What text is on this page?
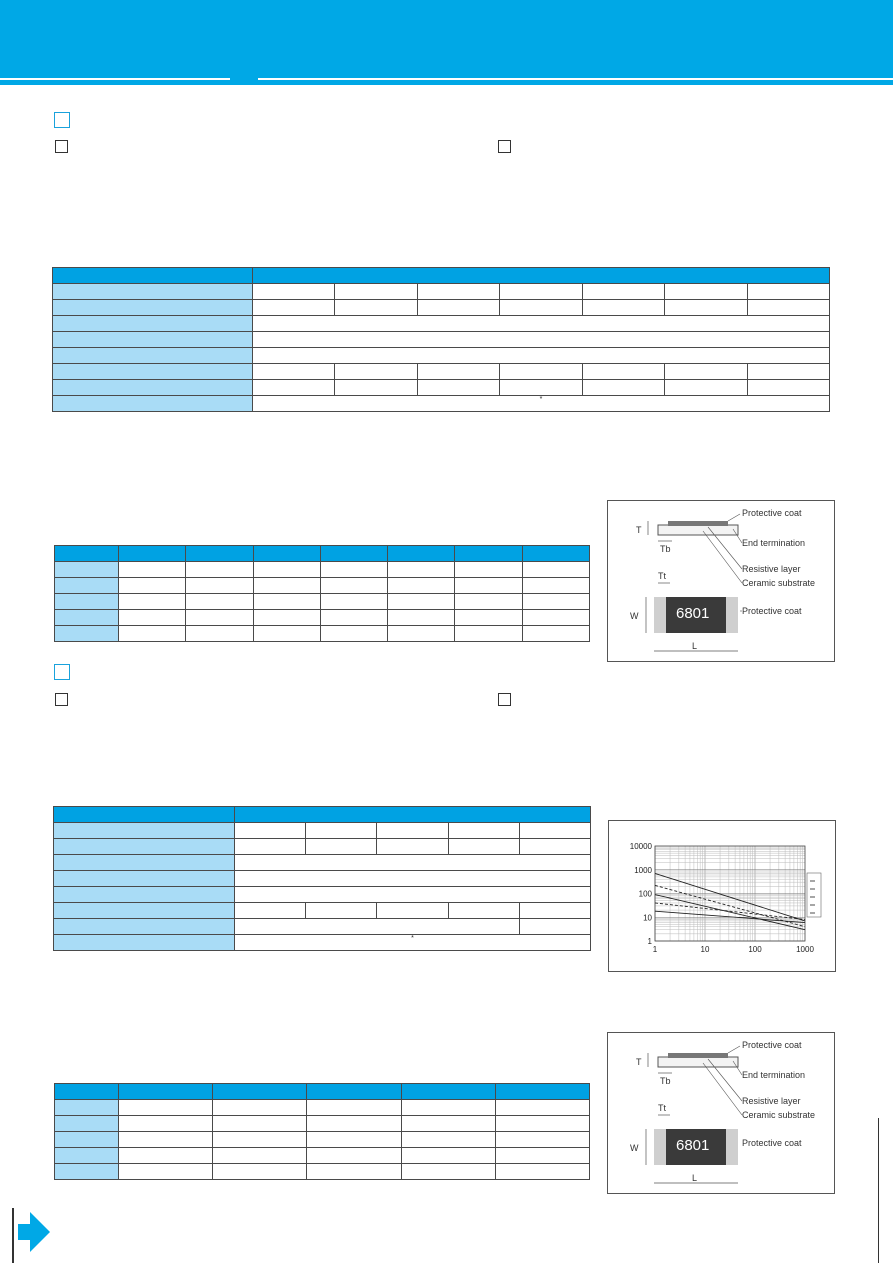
	*						

Protective coat
End termination
Resistive layer
Ceramic substrate
Protective coat
6801
T
Tb
Tt
W
L

	*				
1	10	100	1000
10000
1000
100
10
1

Protective coat
End termination
Resistive layer
Ceramic substrate
Protective coat
6801
T
Tb
Tt
W
L
